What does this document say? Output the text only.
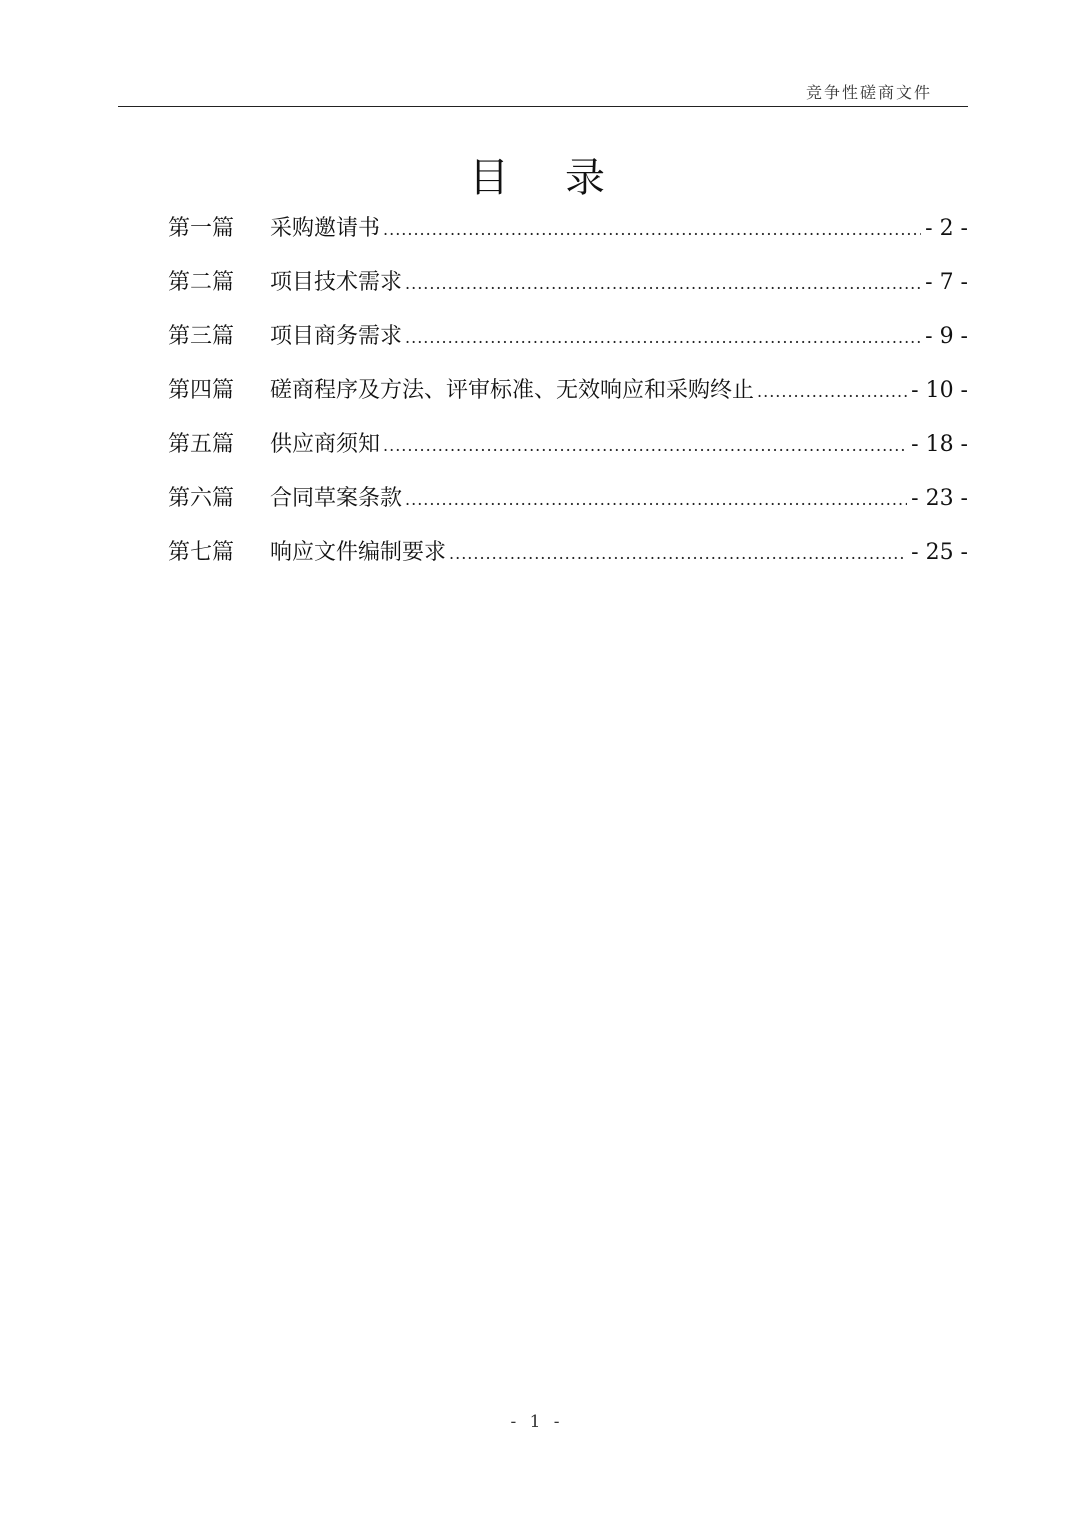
竞争性磋商文件
目录
第一篇	采购邀请书 .....	- 2 -
第二篇	项目技术需求 .....	- 7 -
第三篇	项目商务需求 .....	- 9 -
第四篇	磋商程序及方法、评审标准、无效响应和采购终止 .....	- 10 -
第五篇	供应商须知 .....	- 18 -
第六篇	合同草案条款 .....	- 23 -
第七篇	响应文件编制要求 .....	- 25 -
- 1 -
